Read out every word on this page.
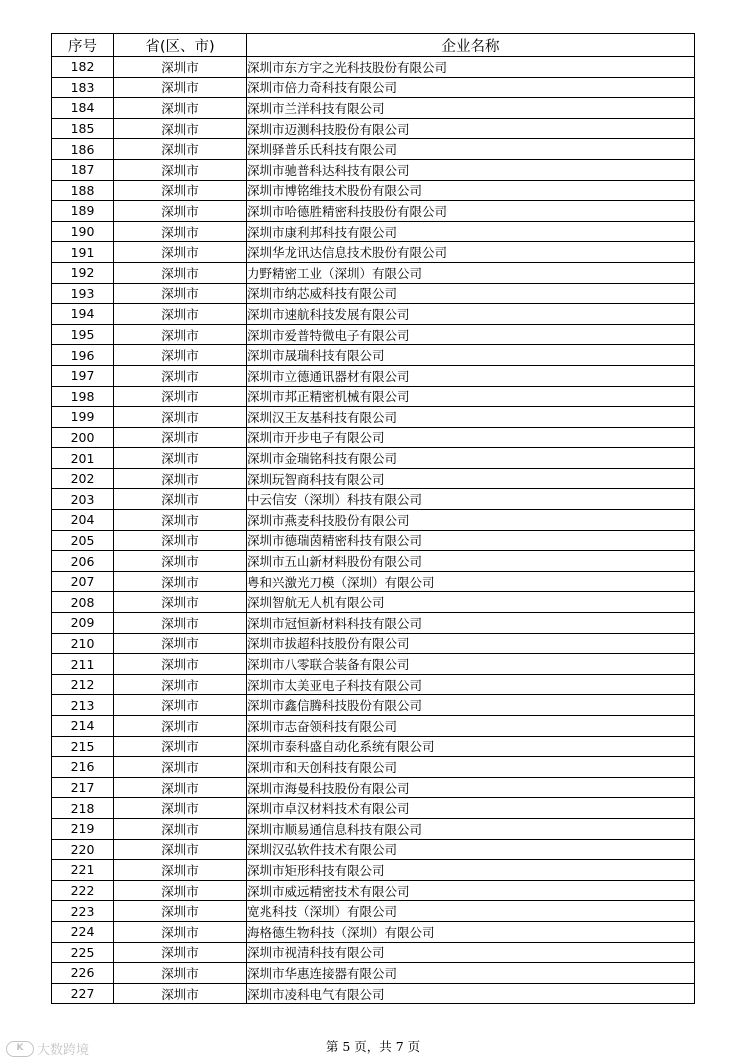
序号	省(区、市)	企业名称
182	深圳市	深圳市东方宇之光科技股份有限公司
183	深圳市	深圳市倍力奇科技有限公司
184	深圳市	深圳市兰洋科技有限公司
185	深圳市	深圳市迈测科技股份有限公司
186	深圳市	深圳驿普乐氏科技有限公司
187	深圳市	深圳市驰普科达科技有限公司
188	深圳市	深圳市博铭维技术股份有限公司
189	深圳市	深圳市哈德胜精密科技股份有限公司
190	深圳市	深圳市康利邦科技有限公司
191	深圳市	深圳华龙讯达信息技术股份有限公司
192	深圳市	力野精密工业（深圳）有限公司
193	深圳市	深圳市纳芯威科技有限公司
194	深圳市	深圳市速航科技发展有限公司
195	深圳市	深圳市爱普特微电子有限公司
196	深圳市	深圳市晟瑞科技有限公司
197	深圳市	深圳市立德通讯器材有限公司
198	深圳市	深圳市邦正精密机械有限公司
199	深圳市	深圳汉王友基科技有限公司
200	深圳市	深圳市开步电子有限公司
201	深圳市	深圳市金瑞铭科技有限公司
202	深圳市	深圳玩智商科技有限公司
203	深圳市	中云信安（深圳）科技有限公司
204	深圳市	深圳市燕麦科技股份有限公司
205	深圳市	深圳市德瑞茵精密科技有限公司
206	深圳市	深圳市五山新材料股份有限公司
207	深圳市	粤和兴激光刀模（深圳）有限公司
208	深圳市	深圳智航无人机有限公司
209	深圳市	深圳市冠恒新材料科技有限公司
210	深圳市	深圳市拔超科技股份有限公司
211	深圳市	深圳市八零联合装备有限公司
212	深圳市	深圳市太美亚电子科技有限公司
213	深圳市	深圳市鑫信腾科技股份有限公司
214	深圳市	深圳市志奋领科技有限公司
215	深圳市	深圳市泰科盛自动化系统有限公司
216	深圳市	深圳市和天创科技有限公司
217	深圳市	深圳市海曼科技股份有限公司
218	深圳市	深圳市卓汉材料技术有限公司
219	深圳市	深圳市顺易通信息科技有限公司
220	深圳市	深圳汉弘软件技术有限公司
221	深圳市	深圳市矩形科技有限公司
222	深圳市	深圳市威远精密技术有限公司
223	深圳市	宽兆科技（深圳）有限公司
224	深圳市	海格德生物科技（深圳）有限公司
225	深圳市	深圳市视清科技有限公司
226	深圳市	深圳市华惠连接器有限公司
227	深圳市	深圳市凌科电气有限公司
第 5 页，共 7 页
K	大数跨境
